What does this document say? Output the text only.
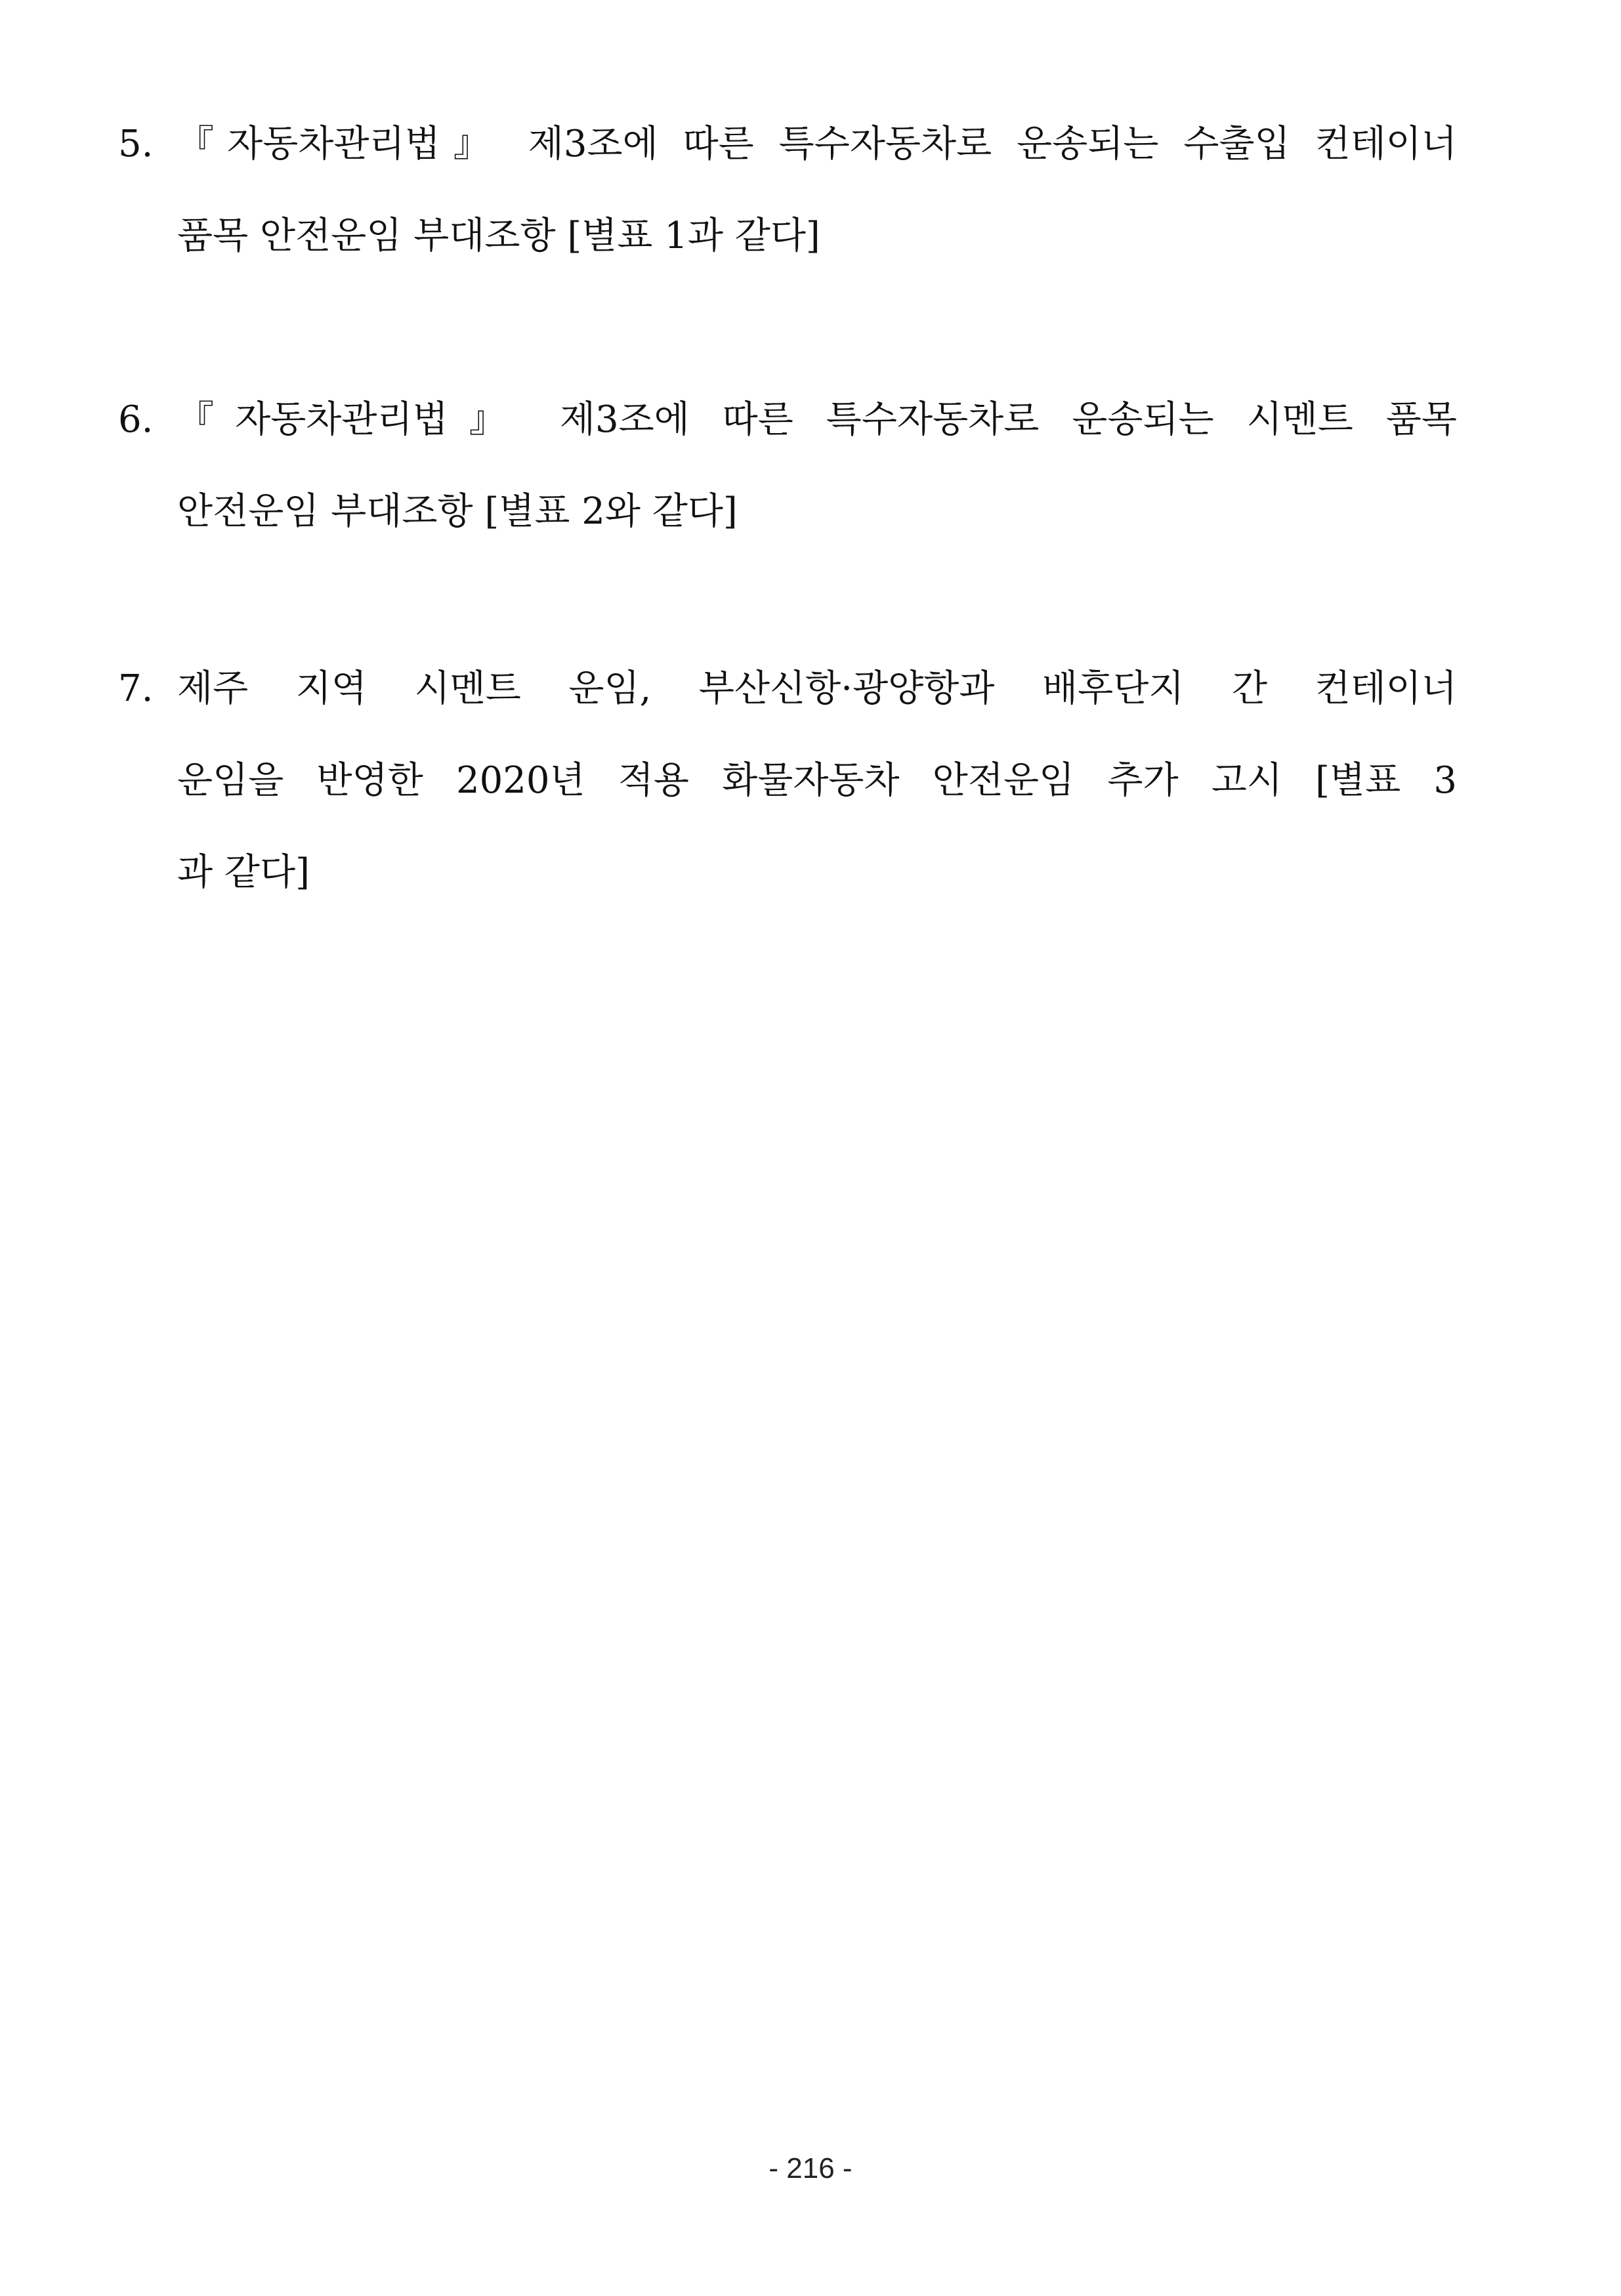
5. 『자동차관리법』 제3조에 따른 특수자동차로 운송되는 수출입 컨테이너
품목 안전운임 부대조항 [별표 1과 같다]
6. 『자동차관리법』 제3조에 따른 특수자동차로 운송되는 시멘트 품목
안전운임 부대조항 [별표 2와 같다]
7. 제주 지역 시멘트 운임, 부산신항·광양항과 배후단지 간 컨테이너
운임을 반영한 2020년 적용 화물자동차 안전운임 추가 고시 [별표 3
과 같다]
- 216 -
